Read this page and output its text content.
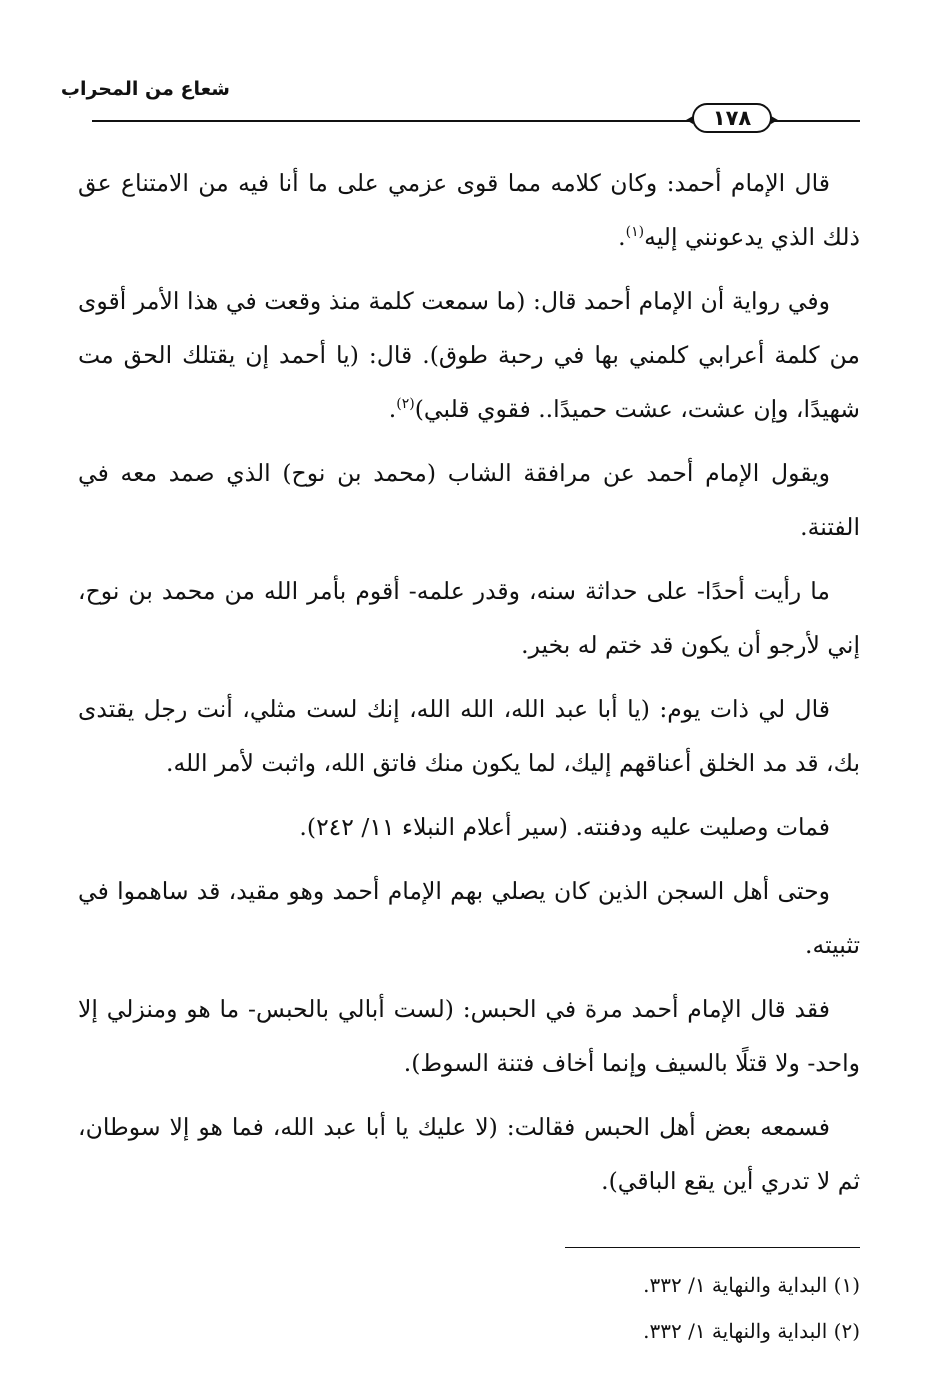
شعاع من المحراب
١٧٨

قال الإمام أحمد: وكان كلامه مما قوى عزمي على ما أنا فيه من الامتناع عق ذلك الذي يدعونني إليه$^{(١)}$.

وفي رواية أن الإمام أحمد قال: (ما سمعت كلمة منذ وقعت في هذا الأمر أقوى من كلمة أعرابي كلمني بها في رحبة طوق). قال: (يا أحمد إن يقتلك الحق مت شهيدًا، وإن عشت، عشت حميدًا.. فقوي قلبي)$^{(٢)}$.

ويقول الإمام أحمد عن مرافقة الشاب (محمد بن نوح) الذي صمد معه في الفتنة.

ما رأيت أحدًا- على حداثة سنه، وقدر علمه- أقوم بأمر الله من محمد بن نوح، إني لأرجو أن يكون قد ختم له بخير.

قال لي ذات يوم: (يا أبا عبد الله، الله الله، إنك لست مثلي، أنت رجل يقتدى بك، قد مد الخلق أعناقهم إليك، لما يكون منك فاتق الله، واثبت لأمر الله.

فمات وصليت عليه ودفنته. (سير أعلام النبلاء ١١/ ٢٤٢).

وحتى أهل السجن الذين كان يصلي بهم الإمام أحمد وهو مقيد، قد ساهموا في تثبيته.

فقد قال الإمام أحمد مرة في الحبس: (لست أبالي بالحبس- ما هو ومنزلي إلا واحد- ولا قتلًا بالسيف وإنما أخاف فتنة السوط).

فسمعه بعض أهل الحبس فقالت: (لا عليك يا أبا عبد الله، فما هو إلا سوطان، ثم لا تدري أين يقع الباقي).

(١) البداية والنهاية ١/ ٣٣٢.
(٢) البداية والنهاية ١/ ٣٣٢.
